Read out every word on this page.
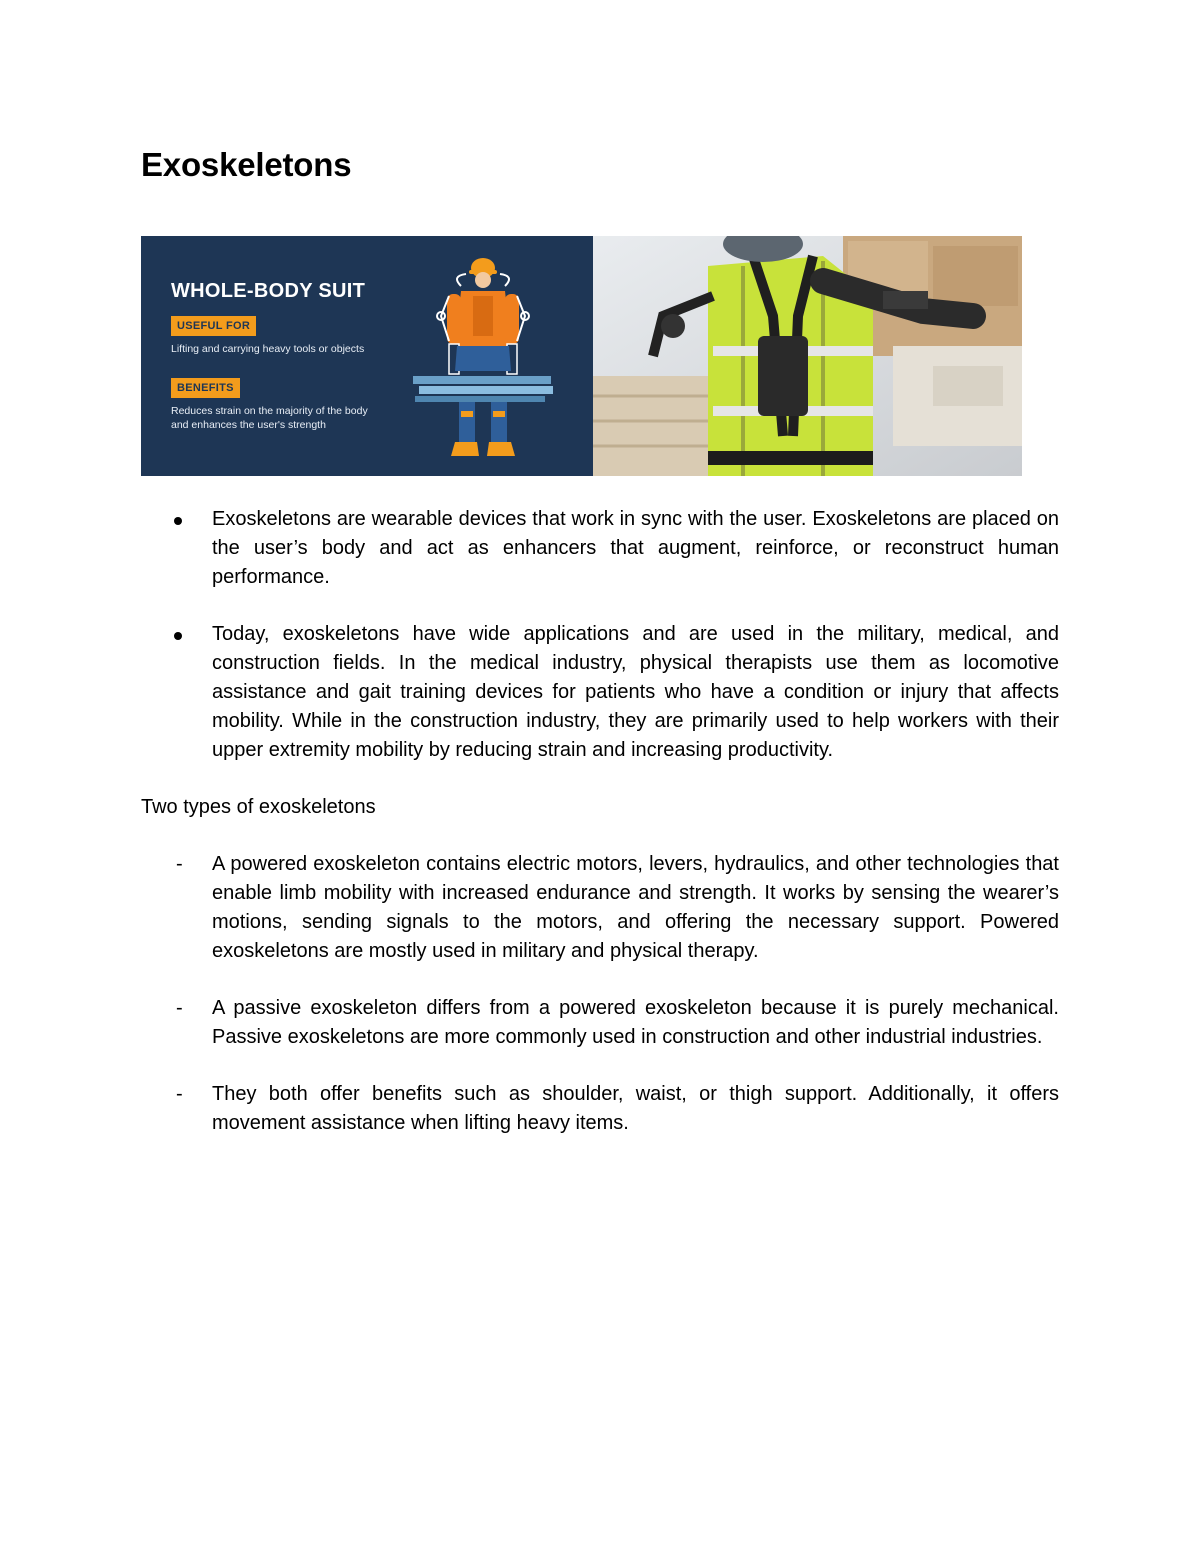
Exoskeletons
WHOLE-BODY SUIT
USEFUL FOR
Lifting and carrying heavy tools or objects
BENEFITS
Reduces strain on the majority of the body and enhances the user's strength
Exoskeletons are wearable devices that work in sync with the user. Exoskeletons are placed on the user’s body and act as enhancers that augment, reinforce, or reconstruct human performance.
Today, exoskeletons have wide applications and are used in the military, medical, and construction fields. In the medical industry, physical therapists use them as locomotive assistance and gait training devices for patients who have a condition or injury that affects mobility. While in the construction industry, they are primarily used to help workers with their upper extremity mobility by reducing strain and increasing productivity.

Two types of exoskeletons

- A powered exoskeleton contains electric motors, levers, hydraulics, and other technologies that enable limb mobility with increased endurance and strength. It works by sensing the wearer’s motions, sending signals to the motors, and offering the necessary support. Powered exoskeletons are mostly used in military and physical therapy.
- A passive exoskeleton differs from a powered exoskeleton because it is purely mechanical. Passive exoskeletons are more commonly used in construction and other industrial industries.
- They both offer benefits such as shoulder, waist, or thigh support. Additionally, it offers movement assistance when lifting heavy items.
